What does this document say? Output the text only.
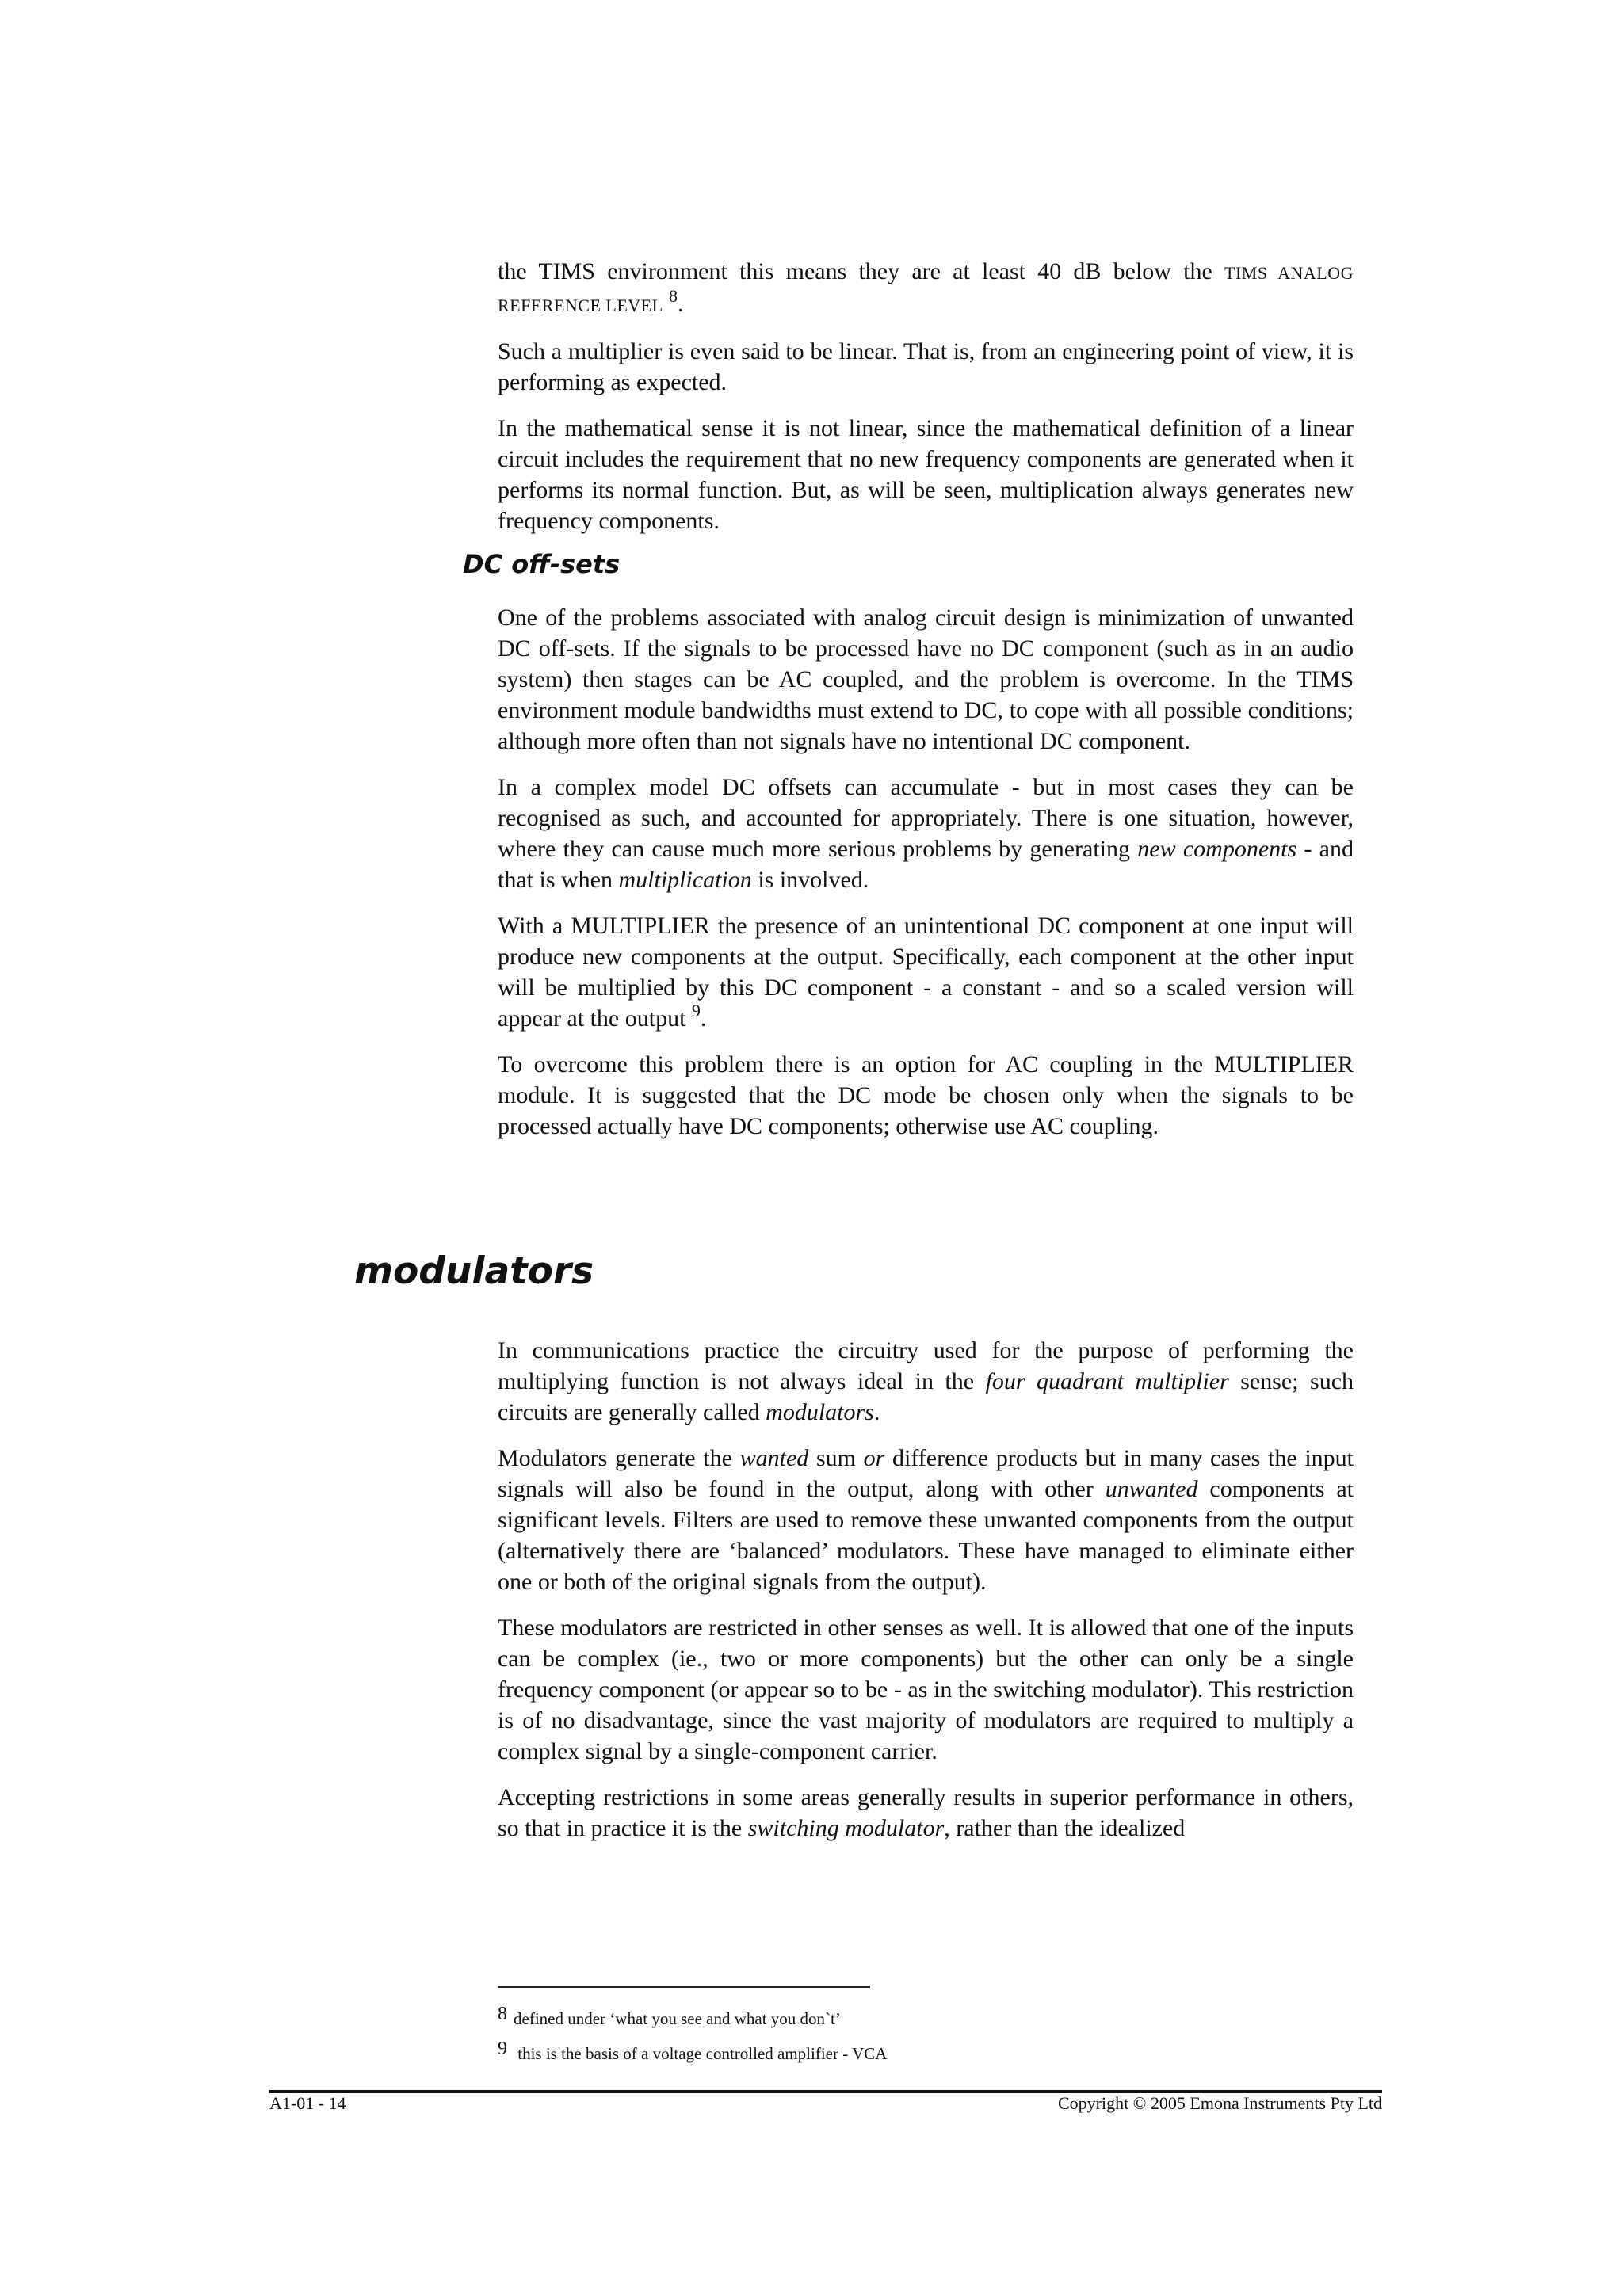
the TIMS environment this means they are at least 40 dB below the TIMS ANALOG REFERENCE LEVEL $^8$.

Such a multiplier is even said to be linear. That is, from an engineering point of view, it is performing as expected.

In the mathematical sense it is not linear, since the mathematical definition of a linear circuit includes the requirement that no new frequency components are generated when it performs its normal function. But, as will be seen, multiplication always generates new frequency components.

DC off-sets

One of the problems associated with analog circuit design is minimization of unwanted DC off-sets. If the signals to be processed have no DC component (such as in an audio system) then stages can be AC coupled, and the problem is overcome. In the TIMS environment module bandwidths must extend to DC, to cope with all possible conditions; although more often than not signals have no intentional DC component.

In a complex model DC offsets can accumulate - but in most cases they can be recognised as such, and accounted for appropriately. There is one situation, however, where they can cause much more serious problems by generating new components - and that is when multiplication is involved.

With a MULTIPLIER the presence of an unintentional DC component at one input will produce new components at the output. Specifically, each component at the other input will be multiplied by this DC component - a constant - and so a scaled version will appear at the output $^9$.

To overcome this problem there is an option for AC coupling in the MULTIPLIER module. It is suggested that the DC mode be chosen only when the signals to be processed actually have DC components; otherwise use AC coupling.

modulators

In communications practice the circuitry used for the purpose of performing the multiplying function is not always ideal in the four quadrant multiplier sense; such circuits are generally called modulators.

Modulators generate the wanted sum or difference products but in many cases the input signals will also be found in the output, along with other unwanted components at significant levels. Filters are used to remove these unwanted components from the output (alternatively there are ‘balanced’ modulators. These have managed to eliminate either one or both of the original signals from the output).

These modulators are restricted in other senses as well. It is allowed that one of the inputs can be complex (ie., two or more components) but the other can only be a single frequency component (or appear so to be - as in the switching modulator). This restriction is of no disadvantage, since the vast majority of modulators are required to multiply a complex signal by a single-component carrier.

Accepting restrictions in some areas generally results in superior performance in others, so that in practice it is the switching modulator, rather than the idealized

8 defined under ‘what you see and what you don`t’

9 this is the basis of a voltage controlled amplifier - VCA

A1-01 - 14	Copyright © 2005 Emona Instruments Pty Ltd
